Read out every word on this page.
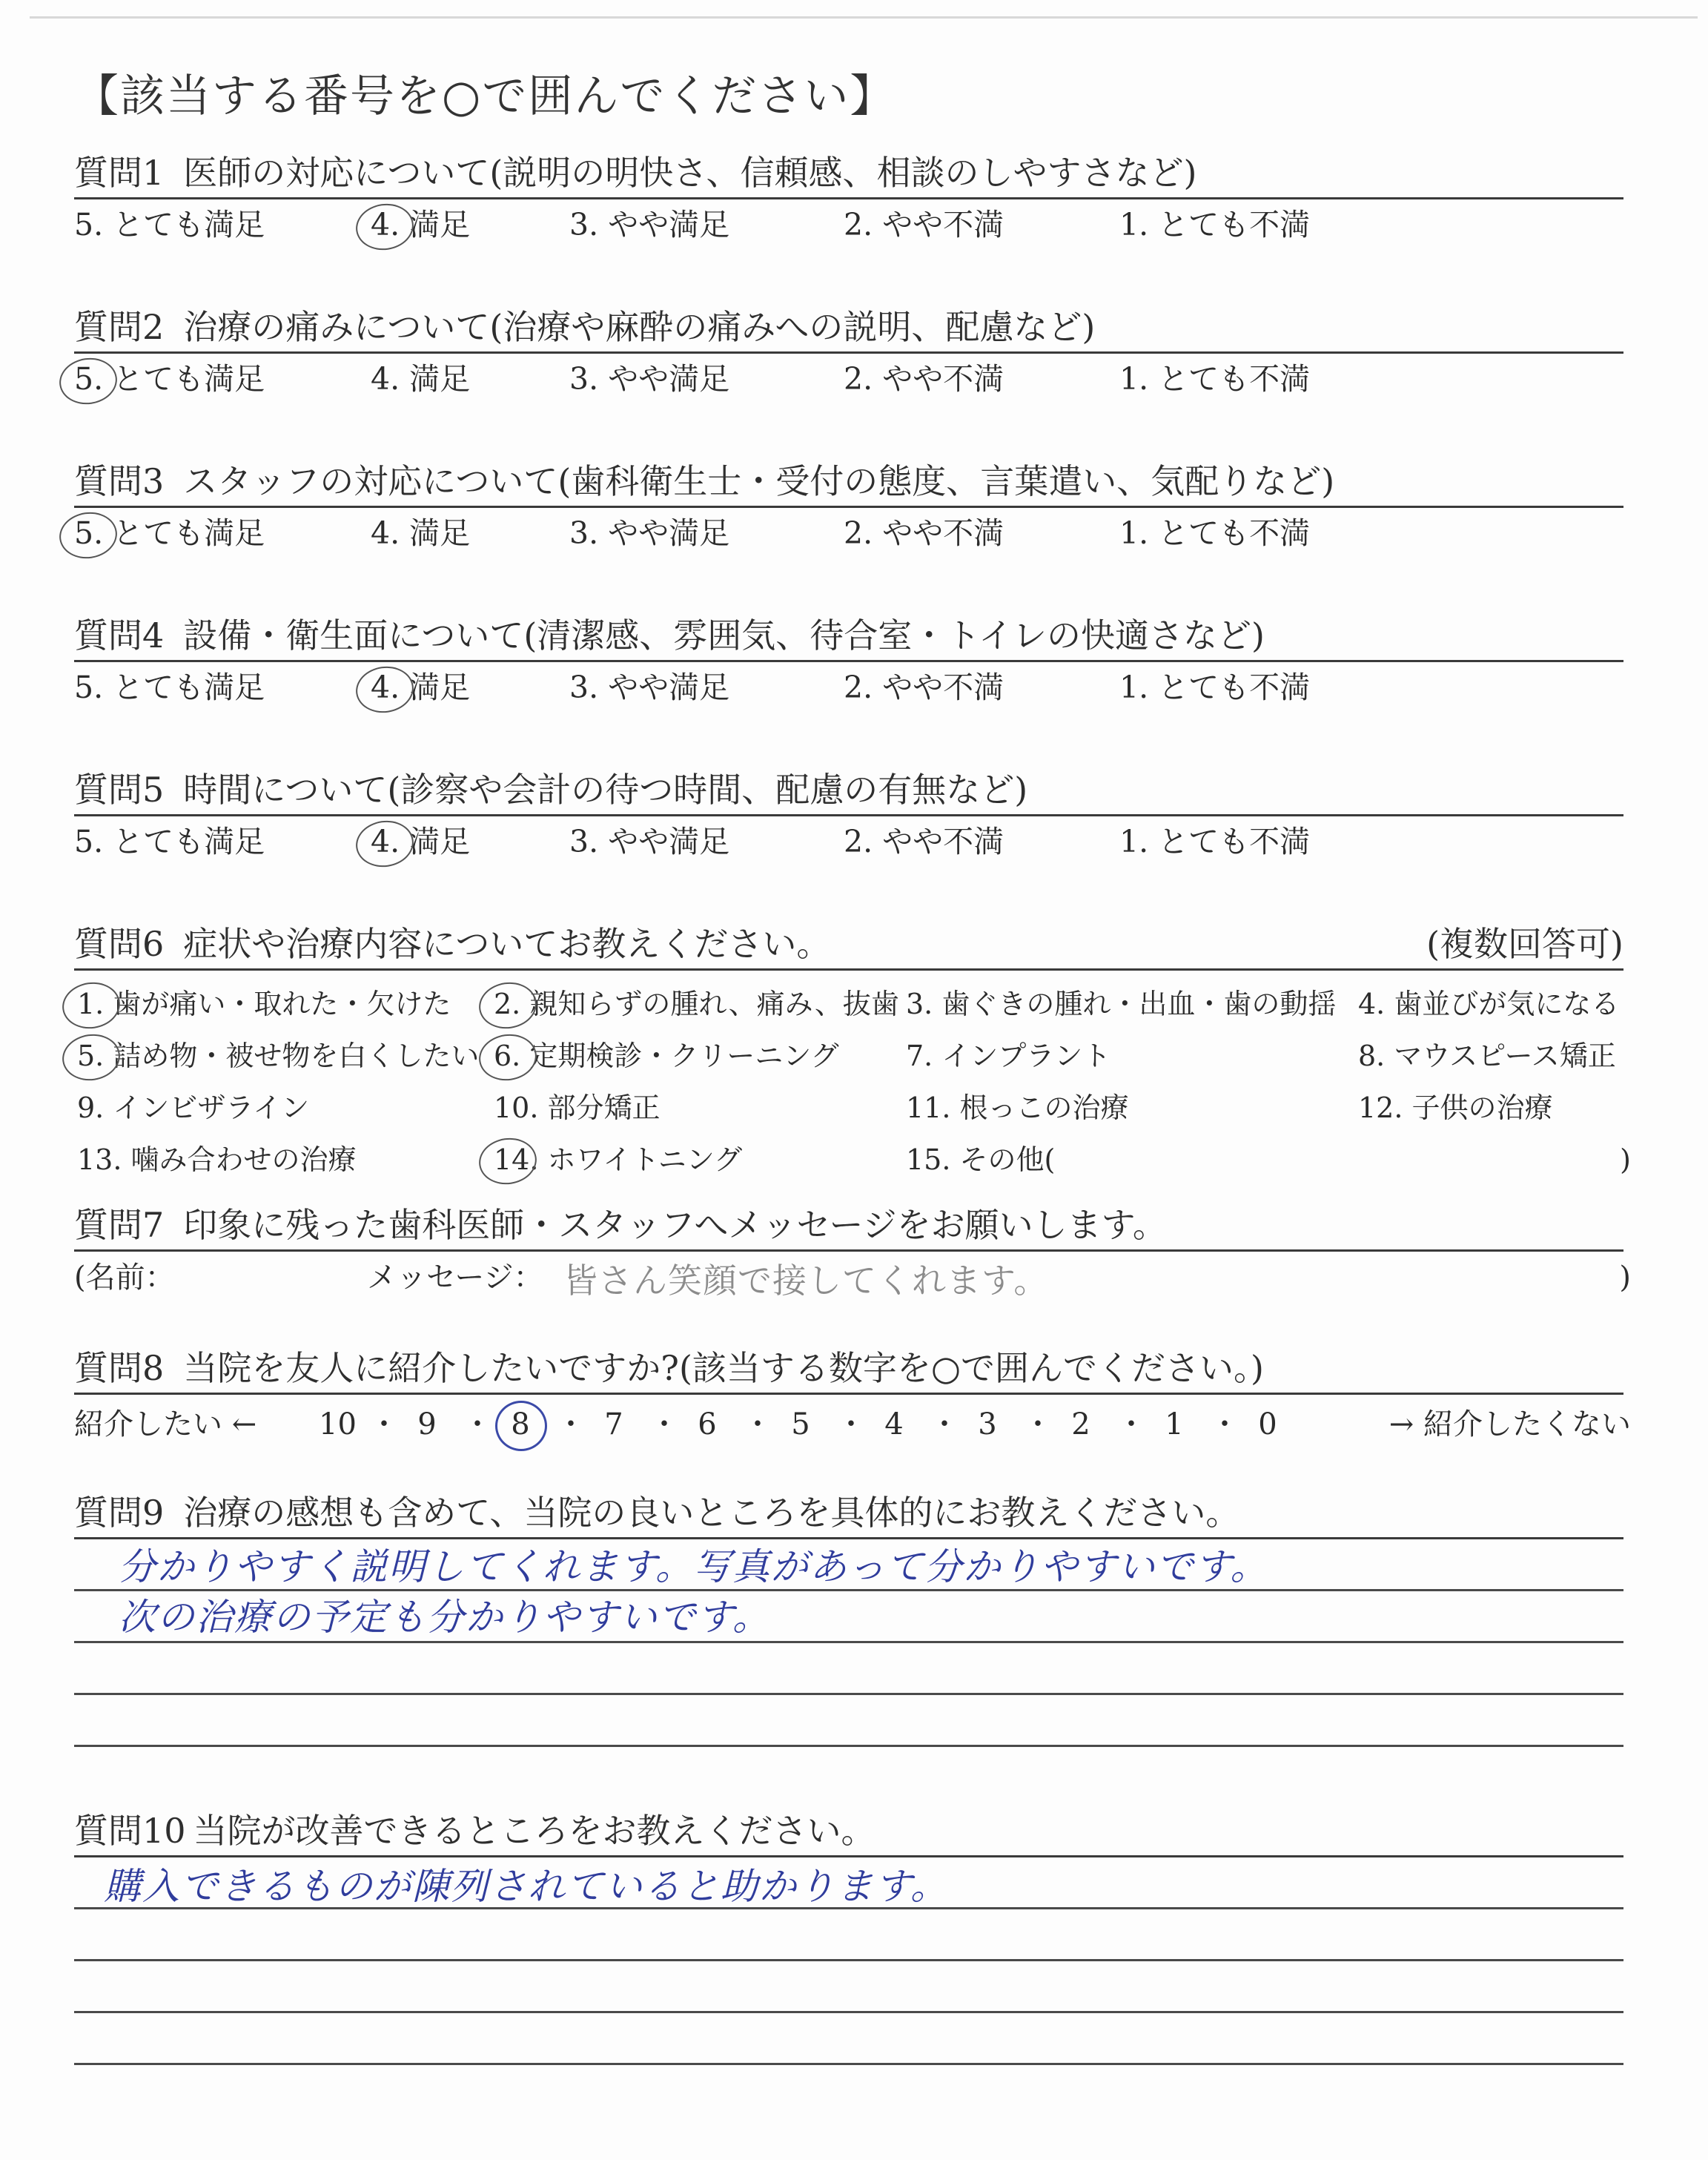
【該当する番号を○で囲んでください】
質問1 医師の対応について(説明の明快さ、信頼感、相談のしやすさなど)
5. とても満足	4. 満足	3. やや満足	2. やや不満	1. とても不満
質問2 治療の痛みについて(治療や麻酔の痛みへの説明、配慮など)
5. とても満足	4. 満足	3. やや満足	2. やや不満	1. とても不満
質問3 スタッフの対応について(歯科衛生士・受付の態度、言葉遣い、気配りなど)
5. とても満足	4. 満足	3. やや満足	2. やや不満	1. とても不満
質問4 設備・衛生面について(清潔感、雰囲気、待合室・トイレの快適さなど)
5. とても満足	4. 満足	3. やや満足	2. やや不満	1. とても不満
質問5 時間について(診察や会計の待つ時間、配慮の有無など)
5. とても満足	4. 満足	3. やや満足	2. やや不満	1. とても不満
質問6 症状や治療内容についてお教えください。	(複数回答可)
)
1. 歯が痛い・取れた・欠けた 2. 親知らずの腫れ、痛み、抜歯 3. 歯ぐきの腫れ・出血・歯の動揺 4. 歯並びが気になる
5. 詰め物・被せ物を白くしたい 6. 定期検診・クリーニング 7. インプラント	8. マウスピース矯正
9. インビザライン	10. 部分矯正	11. 根っこの治療	12. 子供の治療
13. 噛み合わせの治療	14. ホワイトニング	15. その他(
質問7 印象に残った歯科医師・スタッフへメッセージをお願いします。
(名前：	メッセージ： 皆さん笑顔で接してくれます。	)
質問8 当院を友人に紹介したいですか?(該当する数字を○で囲んでください。)
紹介したい ←	→ 紹介したくない
10 ・ 9 ・ 8 ・ 7 ・ 6 ・ 5 ・ 4 ・ 3 ・ 2 ・ 1 ・ 0
質問9 治療の感想も含めて、当院の良いところを具体的にお教えください。
分かりやすく説明してくれます。写真があって分かりやすいです。
次の治療の予定も分かりやすいです。
質問10 当院が改善できるところをお教えください。
購入できるものが陳列されていると助かります。
